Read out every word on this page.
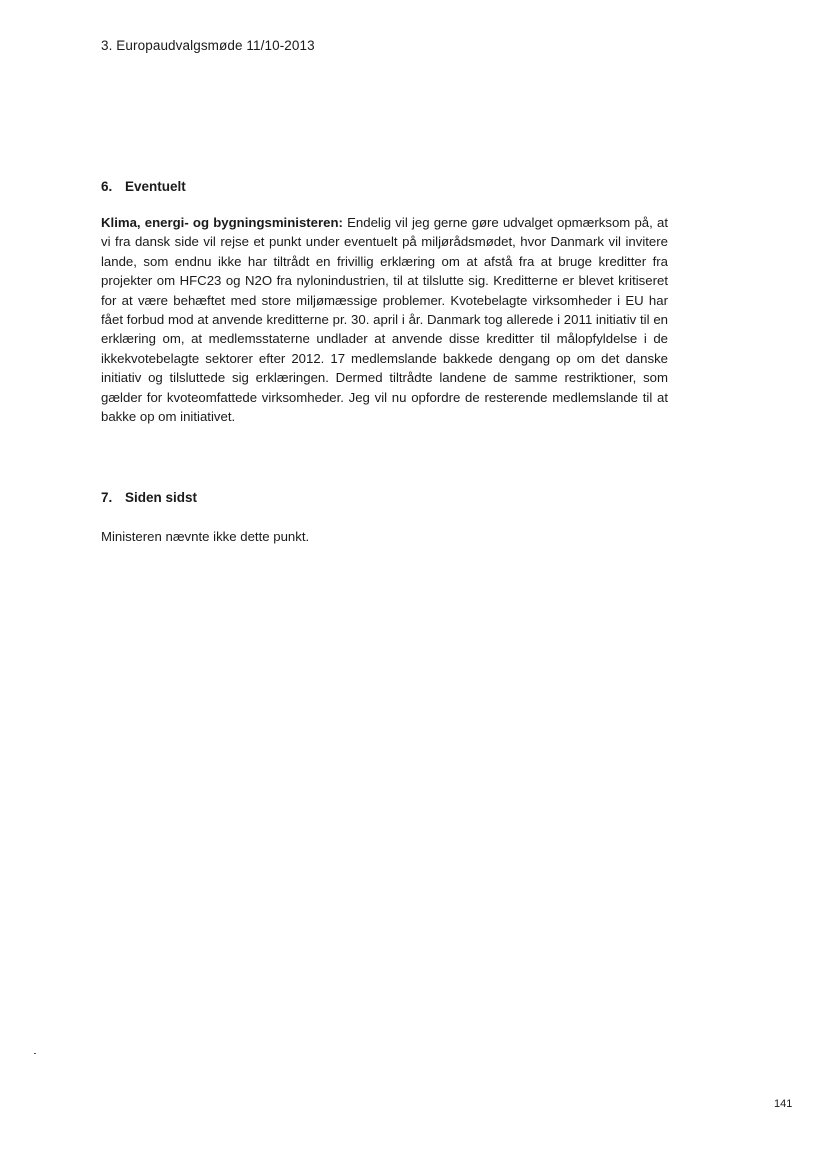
3. Europaudvalgsmøde 11/10-2013
6. Eventuelt
Klima, energi- og bygningsministeren: Endelig vil jeg gerne gøre udvalget opmærksom på, at vi fra dansk side vil rejse et punkt under eventuelt på miljørådsmødet, hvor Danmark vil invitere lande, som endnu ikke har tiltrådt en frivillig erklæring om at afstå fra at bruge kreditter fra projekter om HFC23 og N2O fra nylonindustrien, til at tilslutte sig. Kreditterne er blevet kritiseret for at være behæftet med store miljømæssige problemer. Kvotebelagte virksomheder i EU har fået forbud mod at anvende kreditterne pr. 30. april i år. Danmark tog allerede i 2011 initiativ til en erklæring om, at medlemsstaterne undlader at anvende disse kreditter til målopfyldelse i de ikkekvotebelagte sektorer efter 2012. 17 medlemslande bakkede dengang op om det danske initiativ og tilsluttede sig erklæringen. Dermed tiltrådte landene de samme restriktioner, som gælder for kvoteomfattede virksomheder. Jeg vil nu opfordre de resterende medlemslande til at bakke op om initiativet.
7. Siden sidst
Ministeren nævnte ikke dette punkt.
141
